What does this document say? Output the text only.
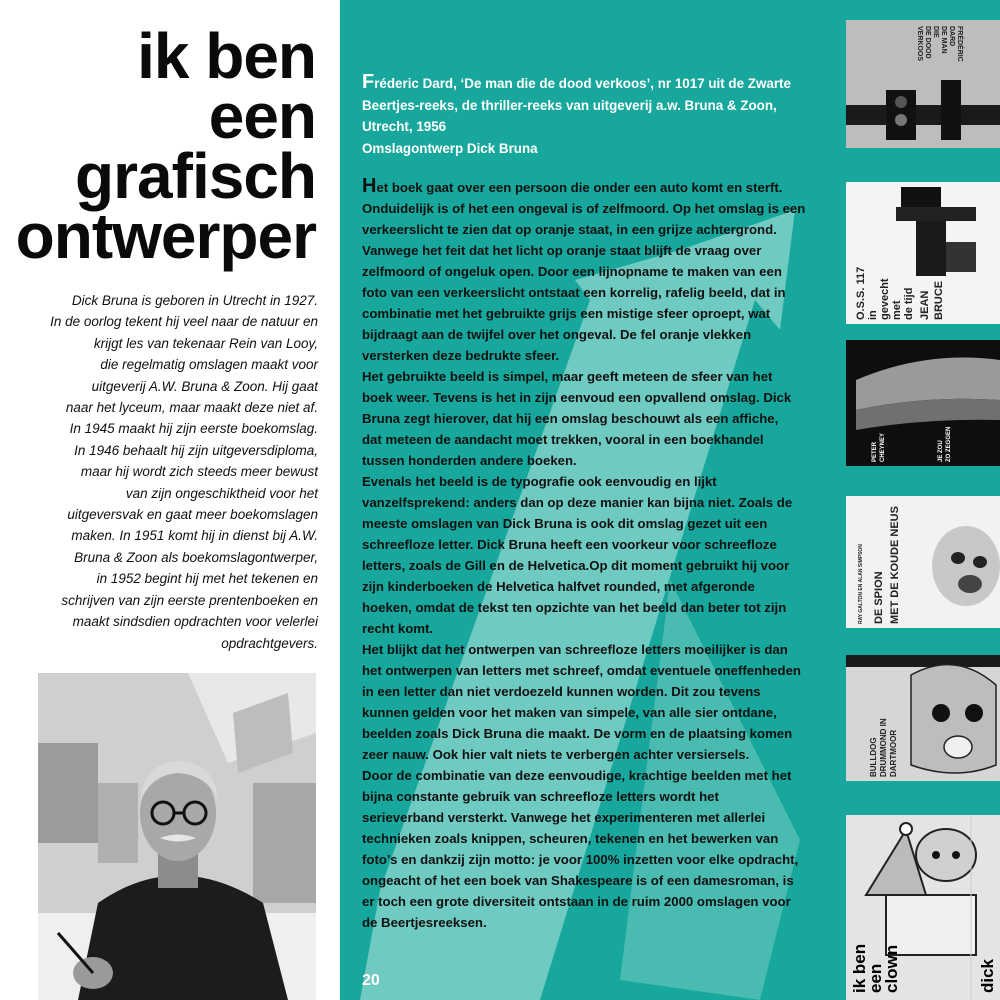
ik ben
een
grafisch
ontwerper
Dick Bruna is geboren in Utrecht in 1927.
In de oorlog tekent hij veel naar de natuur en
krijgt les van tekenaar Rein van Looy,
die regelmatig omslagen maakt voor
uitgeverij A.W. Bruna & Zoon. Hij gaat
naar het lyceum, maar maakt deze niet af.
In 1945 maakt hij zijn eerste boekomslag.
In 1946 behaalt hij zijn uitgeversdiploma,
maar hij wordt zich steeds meer bewust
van zijn ongeschiktheid voor het
uitgeversvak en gaat meer boekomslagen
maken. In 1951 komt hij in dienst bij A.W.
Bruna & Zoon als boekomslagontwerper,
in 1952 begint hij met het tekenen en
schrijven van zijn eerste prentenboeken en
maakt sindsdien opdrachten voor velerlei
opdrachtgevers.
Fréderic Dard, ‘De man die de dood verkoos’, nr 1017 uit de Zwarte
Beertjes-reeks, de thriller-reeks van uitgeverij a.w. Bruna & Zoon,
Utrecht, 1956
Omslagontwerp Dick Bruna
Het boek gaat over een persoon die onder een auto komt en sterft.
Onduidelijk is of het een ongeval is of zelfmoord. Op het omslag is een
verkeerslicht te zien dat op oranje staat, in een grijze achtergrond.
Vanwege het feit dat het licht op oranje staat blijft de vraag over
zelfmoord of ongeluk open. Door een lijnopname te maken van een
foto van een verkeerslicht ontstaat een korrelig, rafelig beeld, dat in
combinatie met het gebruikte grijs een mistige sfeer oproept, wat
bijdraagt aan de twijfel over het ongeval. De fel oranje vlekken
versterken deze bedrukte sfeer.
Het gebruikte beeld is simpel, maar geeft meteen de sfeer van het
boek weer. Tevens is het in zijn eenvoud een opvallend omslag. Dick
Bruna zegt hierover, dat hij een omslag beschouwt als een affiche,
dat meteen de aandacht moet trekken, vooral in een boekhandel
tussen honderden andere boeken.
Evenals het beeld is de typografie ook eenvoudig en lijkt
vanzelfsprekend: anders dan op deze manier kan bijna niet. Zoals de
meeste omslagen van Dick Bruna is ook dit omslag gezet uit een
schreefloze letter. Dick Bruna heeft een voorkeur voor schreefloze
letters, zoals de Gill en de Helvetica.Op dit moment gebruikt hij voor
zijn kinderboeken de Helvetica halfvet rounded, met afgeronde
hoeken, omdat de tekst ten opzichte van het beeld dan beter tot zijn
recht komt.
Het blijkt dat het ontwerpen van schreefloze letters moeilijker is dan
het ontwerpen van letters met schreef, omdat eventuele oneffenheden
in een letter dan niet verdoezeld kunnen worden. Dit zou tevens
kunnen gelden voor het maken van simpele, van alle sier ontdane,
beelden zoals Dick Bruna die maakt. De vorm en de plaatsing komen
zeer nauw. Ook hier valt niets te verbergen achter versiersels.
Door de combinatie van deze eenvoudige, krachtige beelden met het
bijna constante gebruik van schreefloze letters wordt het
serieverband versterkt. Vanwege het experimenteren met allerlei
technieken zoals knippen, scheuren, tekenen en het bewerken van
foto’s en dankzij zijn motto: je voor 100% inzetten voor elke opdracht,
ongeacht of het een boek van Shakespeare is of een damesroman, is
er toch een grote diversiteit ontstaan in de ruim 2000 omslagen voor
de Beertjesreeksen.
20
FRÉDÉRIC
DARD
DE MAN
DIE
DE DOOD
VERKOOS
O.S.S. 117 in gevecht met de tijd JEAN BRUCE
PETER CHEYNEY	JE ZOU ZO ZEGGEN
RAY GALTON EN ALAN SIMPSON DE SPION MET DE KOUDE NEUS
BULLDOG DRUMMOND IN DARTMOOR
ik ben
een
clown	dick
